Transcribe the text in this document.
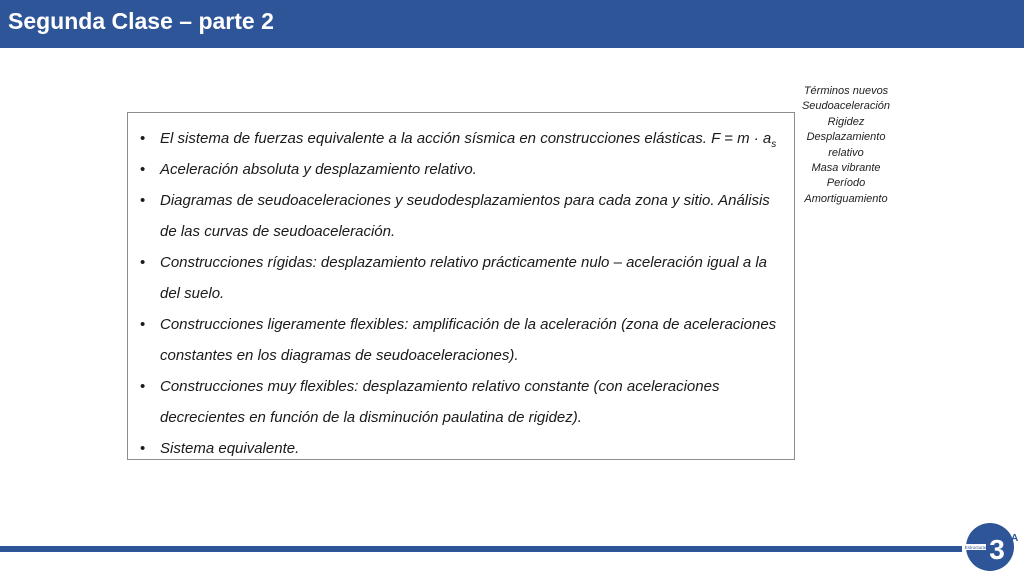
Segunda Clase – parte 2
Términos nuevos
Seudoaceleración
Rigidez
Desplazamiento
relativo
Masa vibrante
Período
Amortiguamiento
• El sistema de fuerzas equivalente a la acción sísmica en construcciones elásticas. $F = m \cdot a_s$
• Aceleración absoluta y desplazamiento relativo.
• Diagramas de seudoaceleraciones y seudodesplazamientos para cada zona y sitio. Análisis de las curvas de seudoaceleración.
• Construcciones rígidas: desplazamiento relativo prácticamente nulo – aceleración igual a la del suelo.
• Construcciones ligeramente flexibles: amplificación de la aceleración (zona de aceleraciones constantes en los diagramas de seudoaceleraciones).
• Construcciones muy flexibles: desplazamiento relativo constante (con aceleraciones decrecientes en función de la disminución paulatina de rigidez).
• Sistema equivalente.
Estructuras 3 A
